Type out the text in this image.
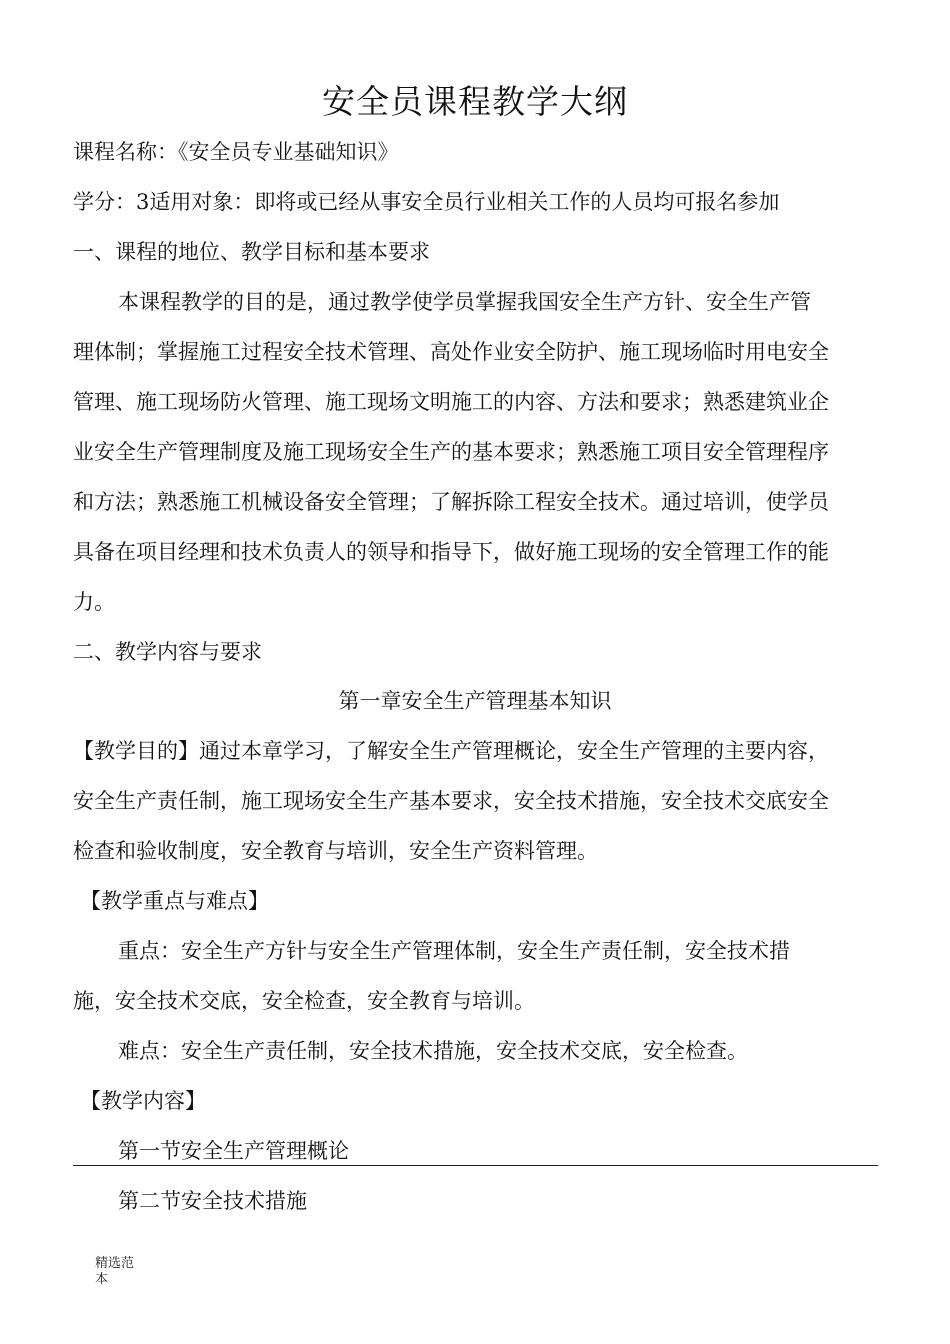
安全员课程教学大纲
课程名称：《安全员专业基础知识》
学分：3适用对象：即将或已经从事安全员行业相关工作的人员均可报名参加
一、课程的地位、教学目标和基本要求
本课程教学的目的是，通过教学使学员掌握我国安全生产方针、安全生产管
理体制；掌握施工过程安全技术管理、高处作业安全防护、施工现场临时用电安全
管理、施工现场防火管理、施工现场文明施工的内容、方法和要求；熟悉建筑业企
业安全生产管理制度及施工现场安全生产的基本要求；熟悉施工项目安全管理程序
和方法；熟悉施工机械设备安全管理；了解拆除工程安全技术。通过培训，使学员
具备在项目经理和技术负责人的领导和指导下，做好施工现场的安全管理工作的能
力。
二、教学内容与要求
第一章安全生产管理基本知识
【教学目的】通过本章学习，了解安全生产管理概论，安全生产管理的主要内容，
安全生产责任制，施工现场安全生产基本要求，安全技术措施，安全技术交底安全
检查和验收制度，安全教育与培训，安全生产资料管理。
【教学重点与难点】
重点：安全生产方针与安全生产管理体制，安全生产责任制，安全技术措
施，安全技术交底，安全检查，安全教育与培训。
难点：安全生产责任制，安全技术措施，安全技术交底，安全检查。
【教学内容】
第一节安全生产管理概论
第二节安全技术措施
精选范本
